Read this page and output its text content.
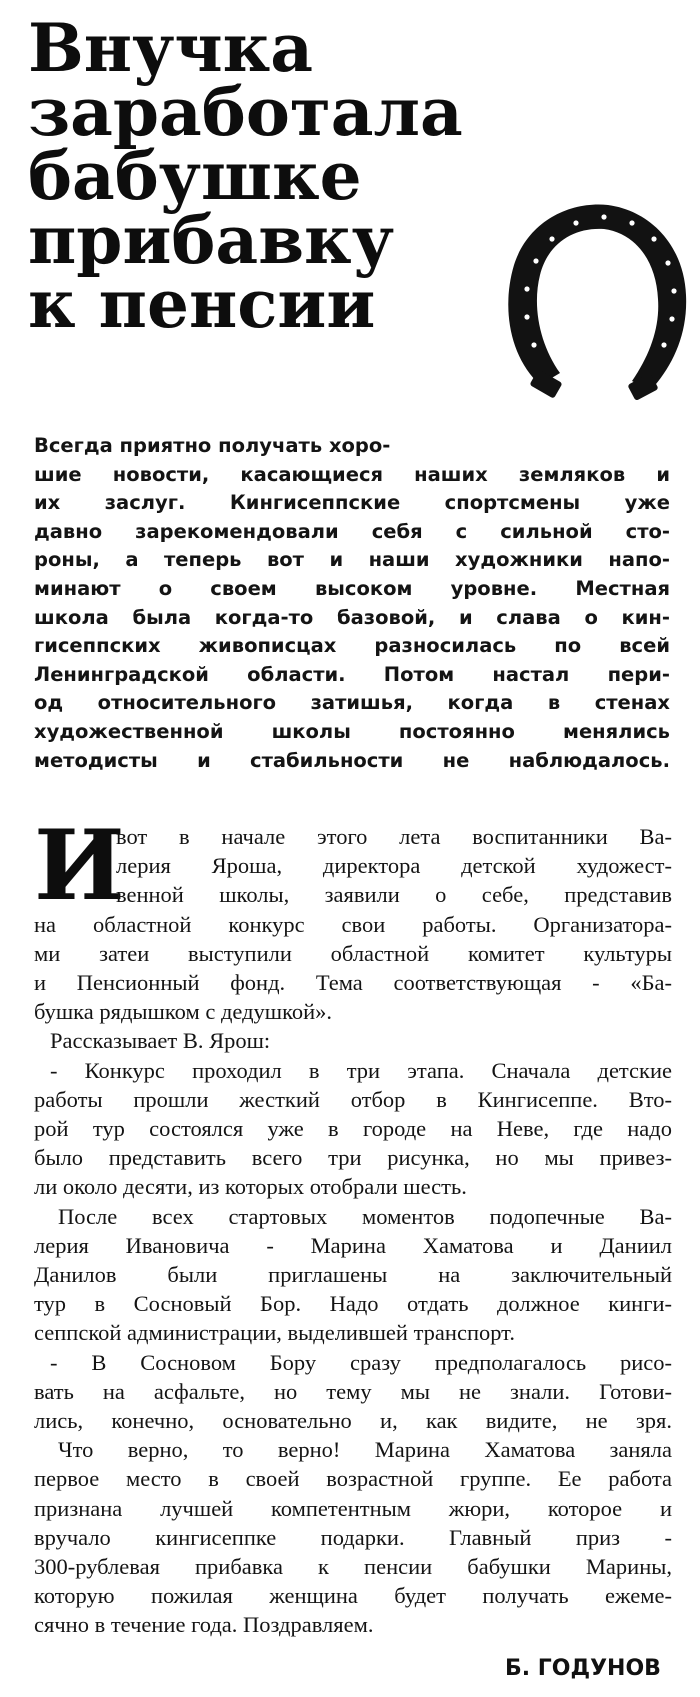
Внучка
заработала
бабушке
прибавку
к пенсии
Всегда приятно получать хоро-
шие новости, касающиеся наших земляков и
их заслуг. Кингисеппские спортсмены уже
давно зарекомендовали себя с сильной сто-
роны, а теперь вот и наши художники напо-
минают о своем высоком уровне. Местная
школа была когда-то базовой, и слава о кин-
гисеппских живописцах разносилась по всей
Ленинградской области. Потом настал пери-
од относительного затишья, когда в стенах
художественной школы постоянно менялись
методисты и стабильности не наблюдалось.
И
вот в начале этого лета воспитанники Ва-
лерия Яроша, директора детской художест-
венной школы, заявили о себе, представив
на областной конкурс свои работы. Организатора-
ми затеи выступили областной комитет культуры
и Пенсионный фонд. Тема соответствующая - «Ба-
бушка рядышком с дедушкой».
Рассказывает В. Ярош:
- Конкурс проходил в три этапа. Сначала детские
работы прошли жесткий отбор в Кингисеппе. Вто-
рой тур состоялся уже в городе на Неве, где надо
было представить всего три рисунка, но мы привез-
ли около десяти, из которых отобрали шесть.
После всех стартовых моментов подопечные Ва-
лерия Ивановича - Марина Хаматова и Даниил
Данилов были приглашены на заключительный
тур в Сосновый Бор. Надо отдать должное кинги-
сеппской администрации, выделившей транспорт.
- В Сосновом Бору сразу предполагалось рисо-
вать на асфальте, но тему мы не знали. Готови-
лись, конечно, основательно и, как видите, не зря.
Что верно, то верно! Марина Хаматова заняла
первое место в своей возрастной группе. Ее работа
признана лучшей компетентным жюри, которое и
вручало кингисеппке подарки. Главный приз -
300-рублевая прибавка к пенсии бабушки Марины,
которую пожилая женщина будет получать ежеме-
сячно в течение года. Поздравляем.
Б. ГОДУНОВ
